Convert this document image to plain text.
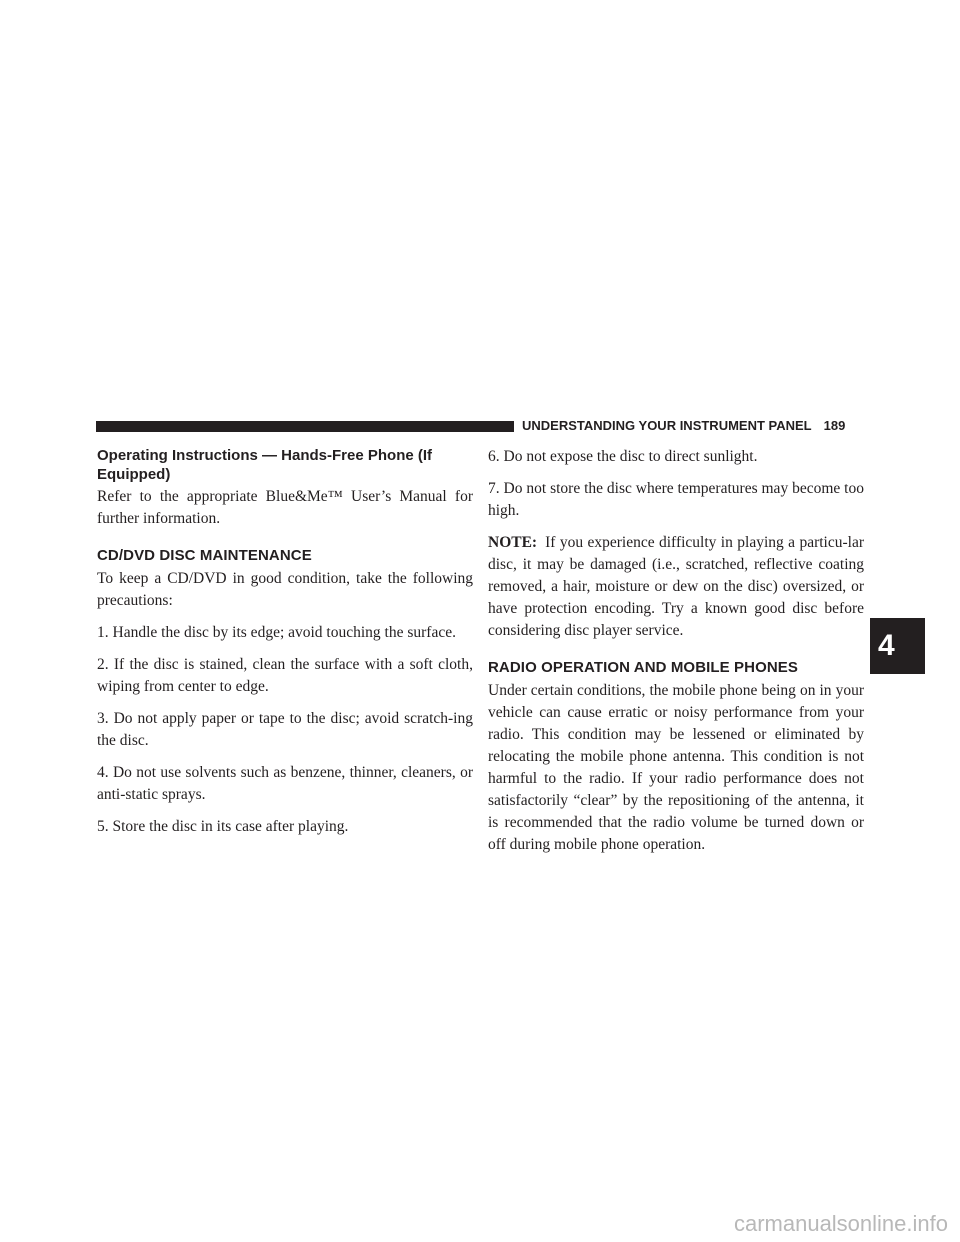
UNDERSTANDING YOUR INSTRUMENT PANEL 189
4
Operating Instructions — Hands-Free Phone (If Equipped)

Refer to the appropriate Blue&Me™ User’s Manual for further information.

CD/DVD DISC MAINTENANCE

To keep a CD/DVD in good condition, take the following precautions:

1. Handle the disc by its edge; avoid touching the surface.

2. If the disc is stained, clean the surface with a soft cloth, wiping from center to edge.

3. Do not apply paper or tape to the disc; avoid scratch-ing the disc.

4. Do not use solvents such as benzene, thinner, cleaners, or anti-static sprays.

5. Store the disc in its case after playing.

6. Do not expose the disc to direct sunlight.

7. Do not store the disc where temperatures may become too high.

NOTE: If you experience difficulty in playing a particu-lar disc, it may be damaged (i.e., scratched, reflective coating removed, a hair, moisture or dew on the disc) oversized, or have protection encoding. Try a known good disc before considering disc player service.

RADIO OPERATION AND MOBILE PHONES

Under certain conditions, the mobile phone being on in your vehicle can cause erratic or noisy performance from your radio. This condition may be lessened or eliminated by relocating the mobile phone antenna. This condition is not harmful to the radio. If your radio performance does not satisfactorily “clear” by the repositioning of the antenna, it is recommended that the radio volume be turned down or off during mobile phone operation.

carmanualsonline.info
